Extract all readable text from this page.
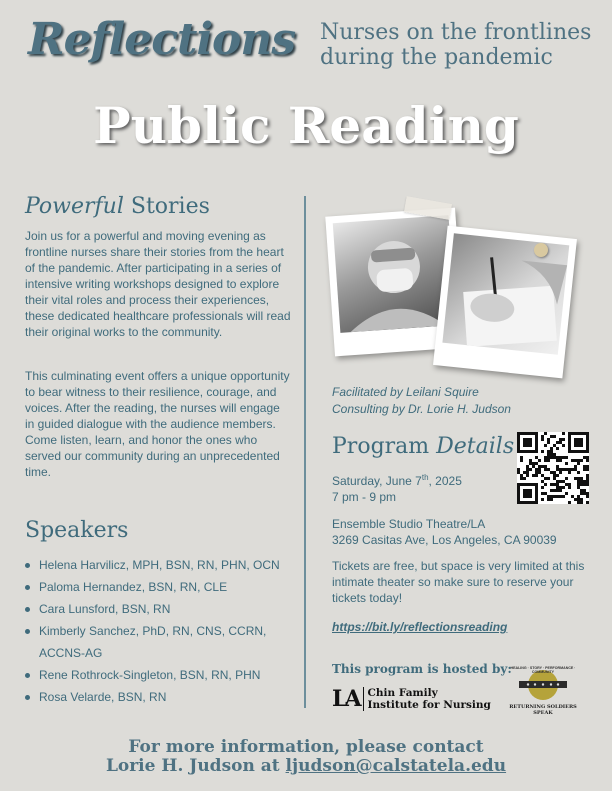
Reflections Nurses on the frontlines
during the pandemic
Public Reading
Powerful Stories
Join us for a powerful and moving evening as frontline nurses share their stories from the heart of the pandemic. After participating in a series of intensive writing workshops designed to explore their vital roles and process their experiences, these dedicated healthcare professionals will read their original works to the community.
This culminating event offers a unique opportunity to bear witness to their resilience, courage, and voices. After the reading, the nurses will engage in guided dialogue with the audience members. Come listen, learn, and honor the ones who served our community during an unprecedented time.
Speakers
Helena Harvilicz, MPH, BSN, RN, PHN, OCN
Paloma Hernandez, BSN, RN, CLE
Cara Lunsford, BSN, RN
Kimberly Sanchez, PhD, RN, CNS, CCRN, ACCNS-AG
Rene Rothrock-Singleton, BSN, RN, PHN
Rosa Velarde, BSN, RN
Facilitated by Leilani Squire
Consulting by Dr. Lorie H. Judson
Program Details
Saturday, June 7th, 2025
7 pm - 9 pm
Ensemble Studio Theatre/LA
3269 Casitas Ave, Los Angeles, CA 90039
Tickets are free, but space is very limited at this intimate theater so make sure to reserve your tickets today!
https://bit.ly/reflectionsreading
This program is hosted by:
LA Chin Family
Institute for Nursing
HEALING · STORY · PERFORMANCE · COMMUNITY
RETURNING SOLDIERS SPEAK
For more information, please contact
Lorie H. Judson at ljudson@calstatela.edu
